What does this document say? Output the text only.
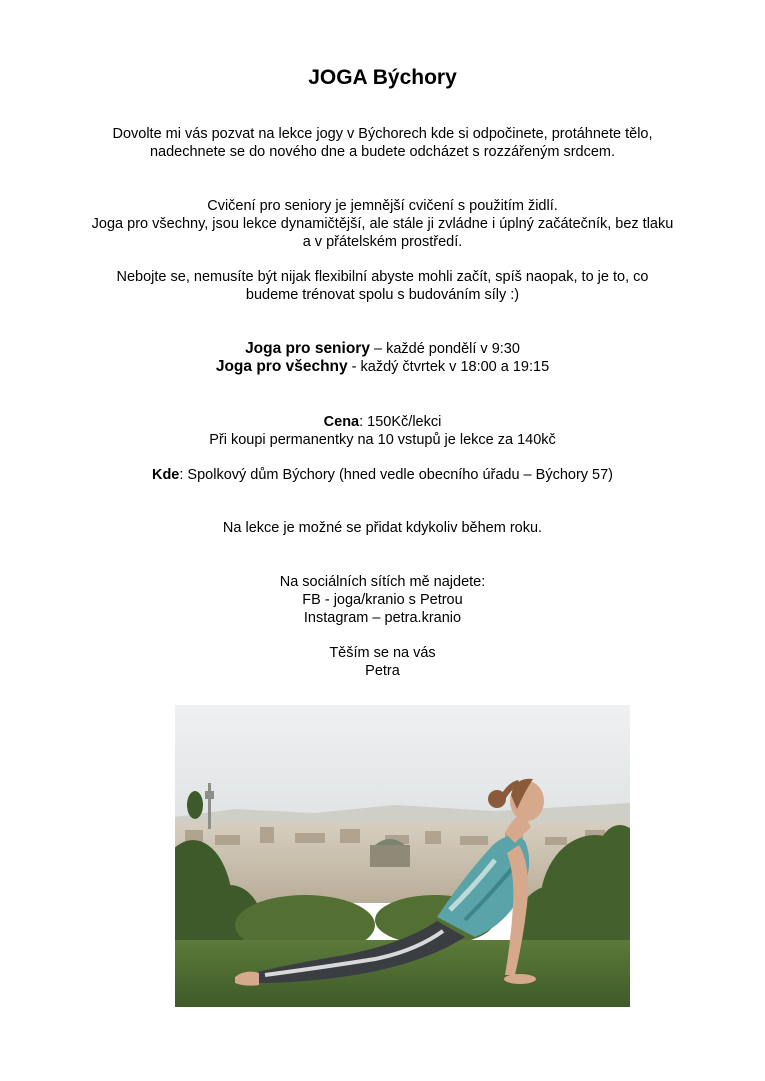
JOGA Býchory
Dovolte mi vás pozvat na lekce jogy v Býchorech kde si odpočinete, protáhnete tělo,
nadechnete se do nového dne a budete odcházet s rozzářeným srdcem.
Cvičení pro seniory je jemnější cvičení s použitím židlí.
Joga pro všechny, jsou lekce dynamičtější, ale stále ji zvládne i úplný začátečník, bez tlaku
a v přátelském prostředí.
Nebojte se, nemusíte být nijak flexibilní abyste mohli začít, spíš naopak, to je to, co
budeme trénovat spolu s budováním síly :)
Joga pro seniory – každé pondělí v 9:30
Joga pro všechny - každý čtvrtek v 18:00 a 19:15
Cena: 150Kč/lekci
Při koupi permanentky na 10 vstupů je lekce za 140kč
Kde: Spolkový dům Býchory (hned vedle obecního úřadu – Býchory 57)
Na lekce je možné se přidat kdykoliv během roku.
Na sociálních sítích mě najdete:
FB - joga/kranio s Petrou
Instagram – petra.kranio
Těším se na vás
Petra
